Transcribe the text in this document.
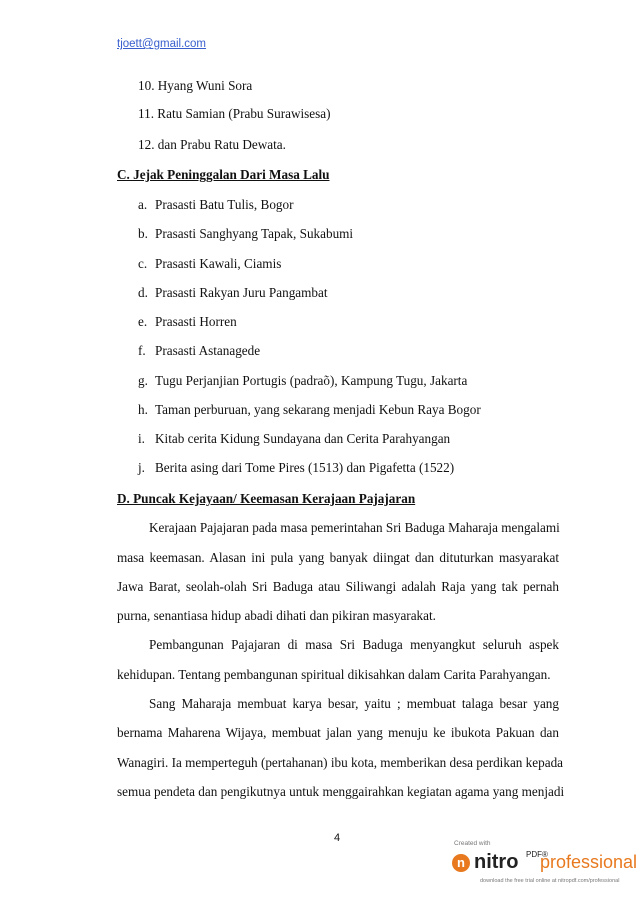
tjoett@gmail.com
10. Hyang Wuni Sora
11. Ratu Samian (Prabu Surawisesa)
12. dan Prabu Ratu Dewata.
C. Jejak Peninggalan Dari Masa Lalu
a. Prasasti Batu Tulis, Bogor
b. Prasasti Sanghyang Tapak, Sukabumi
c. Prasasti Kawali, Ciamis
d. Prasasti Rakyan Juru Pangambat
e. Prasasti Horren
f. Prasasti Astanagede
g. Tugu Perjanjian Portugis (padraõ), Kampung Tugu, Jakarta
h. Taman perburuan, yang sekarang menjadi Kebun Raya Bogor
i. Kitab cerita Kidung Sundayana dan Cerita Parahyangan
j. Berita asing dari Tome Pires (1513) dan Pigafetta (1522)
D. Puncak Kejayaan/ Keemasan Kerajaan Pajajaran
Kerajaan Pajajaran pada masa pemerintahan Sri Baduga Maharaja mengalami
masa keemasan. Alasan ini pula yang banyak diingat dan dituturkan masyarakat
Jawa Barat, seolah-olah Sri Baduga atau Siliwangi adalah Raja yang tak pernah
purna, senantiasa hidup abadi dihati dan pikiran masyarakat.
Pembangunan Pajajaran di masa Sri Baduga menyangkut seluruh aspek
kehidupan. Tentang pembangunan spiritual dikisahkan dalam Carita Parahyangan.
Sang Maharaja membuat karya besar, yaitu ; membuat talaga besar yang
bernama Maharena Wijaya, membuat jalan yang menuju ke ibukota Pakuan dan
Wanagiri. Ia memperteguh (pertahanan) ibu kota, memberikan desa perdikan kepada
semua pendeta dan pengikutnya untuk menggairahkan kegiatan agama yang menjadi
4	Created with
n nitro PDF®
professional
download the free trial online at nitropdf.com/professional
